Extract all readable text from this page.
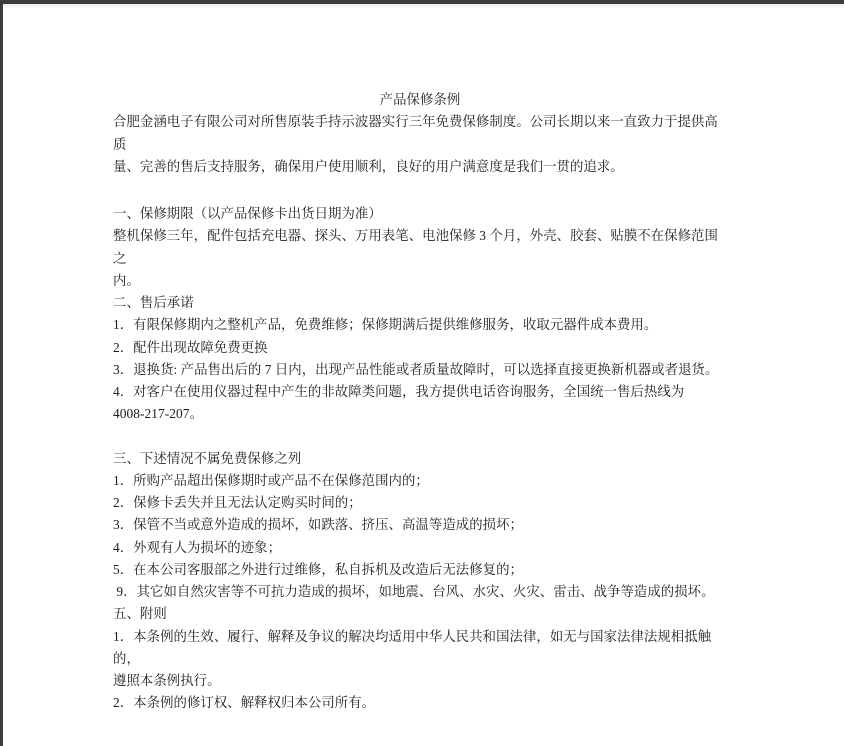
产品保修条例
合肥金涵电子有限公司对所售原装手持示波器实行三年免费保修制度。公司长期以来一直致力于提供高质
量、完善的售后支持服务，确保用户使用顺利，良好的用户满意度是我们一贯的追求。
一、保修期限（以产品保修卡出货日期为准）
整机保修三年，配件包括充电器、探头、万用表笔、电池保修 3 个月，外壳、胶套、贴膜不在保修范围之
内。
二、售后承诺
1．有限保修期内之整机产品，免费维修；保修期满后提供维修服务，收取元器件成本费用。
2．配件出现故障免费更换
3．退换货: 产品售出后的 7 日内，出现产品性能或者质量故障时，可以选择直接更换新机器或者退货。
4．对客户在使用仪器过程中产生的非故障类问题，我方提供电话咨询服务，全国统一售后热线为
4008-217-207。
三、下述情况不属免费保修之列
1．所购产品超出保修期时或产品不在保修范围内的；
2．保修卡丢失并且无法认定购买时间的；
3．保管不当或意外造成的损坏，如跌落、挤压、高温等造成的损坏；
4．外观有人为损坏的迹象；
5．在本公司客服部之外进行过维修，私自拆机及改造后无法修复的；
9．其它如自然灾害等不可抗力造成的损坏，如地震、台风、水灾、火灾、雷击、战争等造成的损坏。
五、附则
1．本条例的生效、履行、解释及争议的解决均适用中华人民共和国法律，如无与国家法律法规相抵触的，
遵照本条例执行。
2．本条例的修订权、解释权归本公司所有。
